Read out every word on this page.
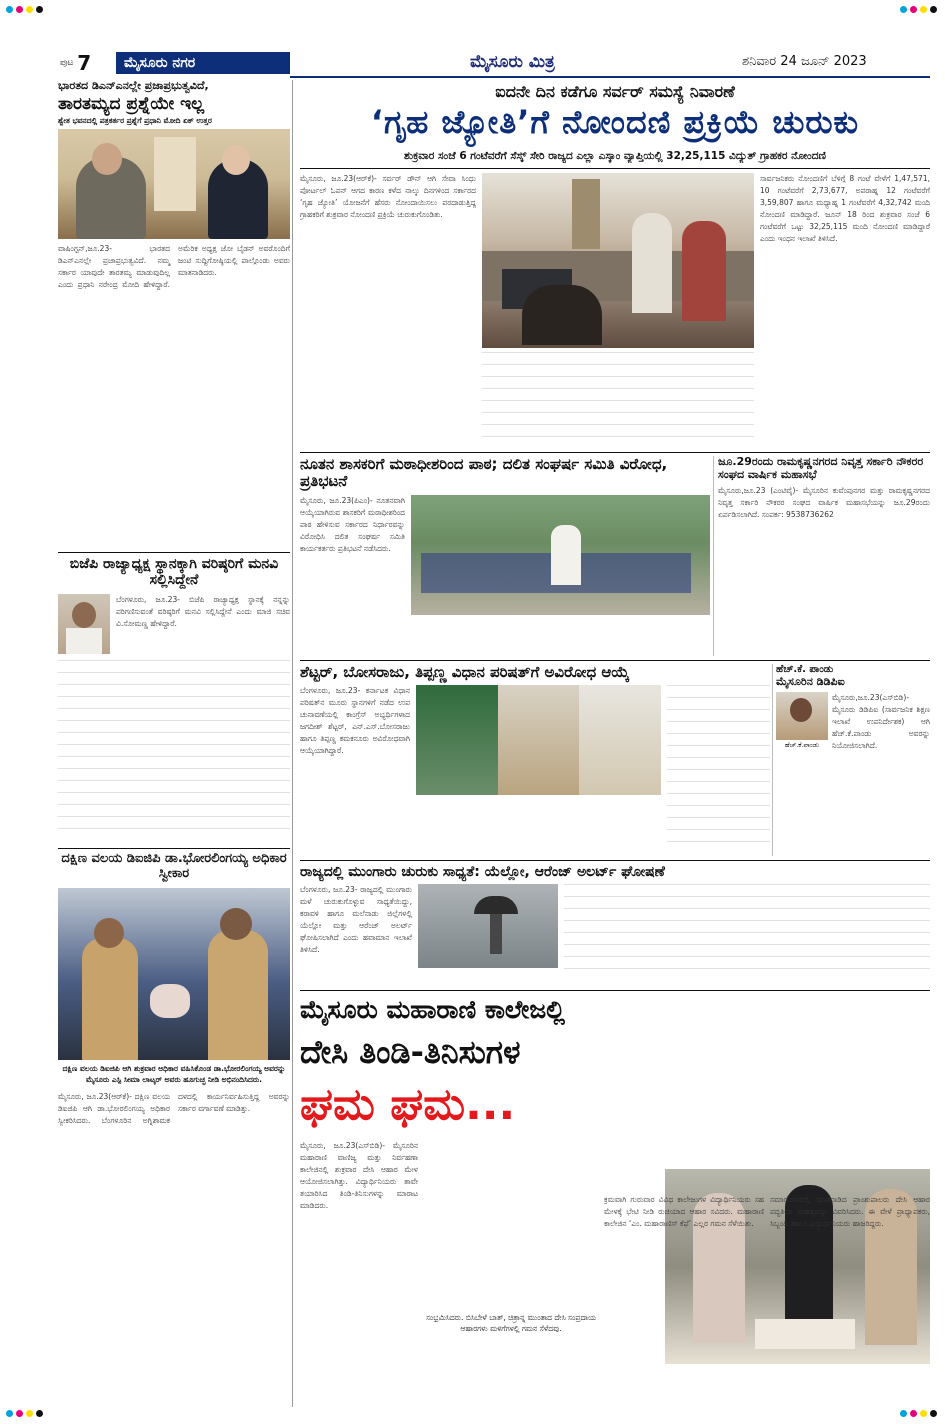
ಪುಟ 7	ಮೈಸೂರು ನಗರ	ಮೈಸೂರು ಮಿತ್ರ	ಶನಿವಾರ 24 ಜೂನ್ 2023
ಭಾರತದ ಡಿಎನ್‌ಎನಲ್ಲೇ ಪ್ರಜಾಪ್ರಭುತ್ವವಿದೆ,
ತಾರತಮ್ಯದ ಪ್ರಶ್ನೆಯೇ ಇಲ್ಲ
ಶ್ವೇತ ಭವನದಲ್ಲಿ ಪತ್ರಕರ್ತರ ಪ್ರಶ್ನೆಗೆ ಪ್ರಧಾನಿ ಮೋದಿ ಏಕ್ ಉತ್ತರ
ವಾಷಿಂಗ್ಟನ್,ಜೂ.23- ಭಾರತದ ಡಿಎನ್‌ಎನಲ್ಲೇ ಪ್ರಜಾಪ್ರಭುತ್ವವಿದೆ. ನಮ್ಮ ಸರ್ಕಾರ ಯಾವುದೇ ತಾರತಮ್ಯ ಮಾಡುವುದಿಲ್ಲ ಎಂದು ಪ್ರಧಾನಿ ನರೇಂದ್ರ ಮೋದಿ ಹೇಳಿದ್ದಾರೆ. ಅಮೆರಿಕ ಅಧ್ಯಕ್ಷ ಜೋ ಬೈಡನ್ ಅವರೊಂದಿಗೆ ಜಂಟಿ ಸುದ್ದಿಗೋಷ್ಠಿಯಲ್ಲಿ ಪಾಲ್ಗೊಂಡು ಅವರು ಮಾತನಾಡಿದರು.
ಬಿಜೆಪಿ ರಾಜ್ಯಾಧ್ಯಕ್ಷ ಸ್ಥಾನಕ್ಕಾಗಿ ವರಿಷ್ಠರಿಗೆ ಮನವಿ ಸಲ್ಲಿಸಿದ್ದೇನೆ
ಬೆಂಗಳೂರು, ಜೂ.23- ಬಿಜೆಪಿ ರಾಜ್ಯಾಧ್ಯಕ್ಷ ಸ್ಥಾನಕ್ಕೆ ನನ್ನನ್ನು ಪರಿಗಣಿಸುವಂತೆ ವರಿಷ್ಠರಿಗೆ ಮನವಿ ಸಲ್ಲಿಸಿದ್ದೇನೆ ಎಂದು ಮಾಜಿ ಸಚಿವ ವಿ.ಸೋಮಣ್ಣ ಹೇಳಿದ್ದಾರೆ.
ದಕ್ಷಿಣ ವಲಯ ಡಿಐಜಿಪಿ ಡಾ.ಭೋರಲಿಂಗಯ್ಯ ಅಧಿಕಾರ ಸ್ವೀಕಾರ
ದಕ್ಷಿಣ ವಲಯ ಡಿಐಜಿಪಿ ಆಗಿ ಶುಕ್ರವಾರ ಅಧಿಕಾರ ವಹಿಸಿಕೊಂಡ ಡಾ.ಭೋರಲಿಂಗಯ್ಯ ಅವರನ್ನು ಮೈಸೂರು ಎಸ್ಪಿ ಸೀಮಾ ಲಾಟ್ಕರ್ ಅವರು ಹೂಗುಚ್ಛ ನೀಡಿ ಅಭಿನಂದಿಸಿದರು.
ಮೈಸೂರು, ಜೂ.23(ಆರ್‌ಕೆ)- ದಕ್ಷಿಣ ವಲಯ ಡಿಐಜಿಪಿ ಆಗಿ ಡಾ.ಭೋರಲಿಂಗಯ್ಯ ಅಧಿಕಾರ ಸ್ವೀಕರಿಸಿದರು. ಬೆಂಗಳೂರಿನ ಅಗ್ನಿಶಾಮಕ ದಳದಲ್ಲಿ ಕಾರ್ಯನಿರ್ವಹಿಸುತ್ತಿದ್ದ ಅವರನ್ನು ಸರ್ಕಾರ ವರ್ಗಾವಣೆ ಮಾಡಿತ್ತು.
ಐದನೇ ದಿನ ಕಡೆಗೂ ಸರ್ವರ್ ಸಮಸ್ಯೆ ನಿವಾರಣೆ
‘ಗೃಹ ಜ್ಯೋತಿ’ಗೆ ನೋಂದಣಿ ಪ್ರಕ್ರಿಯೆ ಚುರುಕು
ಶುಕ್ರವಾರ ಸಂಜೆ 6 ಗಂಟೆವರೆಗೆ ಸೆಸ್ಕ್ ಸೇರಿ ರಾಜ್ಯದ ಎಲ್ಲಾ ಎಸ್ಕಾಂ ವ್ಯಾಪ್ತಿಯಲ್ಲಿ 32,25,115 ವಿದ್ಯುತ್ ಗ್ರಾಹಕರ ನೋಂದಣಿ
ಮೈಸೂರು, ಜೂ.23(ಆರ್‌ಕೆ)- ಸರ್ವರ್ ಡೌನ್ ಆಗಿ ಸೇವಾ ಸಿಂಧು ಪೋರ್ಟಲ್ ಓಪನ್ ಆಗದ ಕಾರಣ ಕಳೆದ ನಾಲ್ಕು ದಿನಗಳಿಂದ ಸರ್ಕಾರದ ‘ಗೃಹ ಜ್ಯೋತಿ’ ಯೋಜನೆಗೆ ಹೆಸರು ನೋಂದಾಯಿಸಲು ಪರದಾಡುತ್ತಿದ್ದ ಗ್ರಾಹಕರಿಗೆ ಶುಕ್ರವಾರ ನೋಂದಣಿ ಪ್ರಕ್ರಿಯೆ ಚುರುಕುಗೊಂಡಿತು.
ಸಾರ್ವಜನಿಕರು ನೋಂದಣಿಗೆ ಬೆಳಿಗ್ಗೆ 8 ಗಂಟೆ ವೇಳೆಗೆ 1,47,571, 10 ಗಂಟೆವರೆಗೆ 2,73,677, ಅಪರಾಹ್ನ 12 ಗಂಟೆವರೆಗೆ 3,59,807 ಹಾಗೂ ಮಧ್ಯಾಹ್ನ 1 ಗಂಟೆವರೆಗೆ 4,32,742 ಮಂದಿ ನೋಂದಣಿ ಮಾಡಿದ್ದಾರೆ. ಜೂನ್ 18 ರಿಂದ ಶುಕ್ರವಾರ ಸಂಜೆ 6 ಗಂಟೆವರೆಗೆ ಒಟ್ಟು 32,25,115 ಮಂದಿ ನೋಂದಣಿ ಮಾಡಿದ್ದಾರೆ ಎಂದು ಇಂಧನ ಇಲಾಖೆ ತಿಳಿಸಿದೆ.
ನೂತನ ಶಾಸಕರಿಗೆ ಮಠಾಧೀಶರಿಂದ ಪಾಠ; ದಲಿತ ಸಂಘರ್ಷ ಸಮಿತಿ ವಿರೋಧ, ಪ್ರತಿಭಟನೆ
ಮೈಸೂರು, ಜೂ.23(ಪಿಎಂ)- ನೂತನವಾಗಿ ಆಯ್ಕೆಯಾಗಿರುವ ಶಾಸಕರಿಗೆ ಮಠಾಧೀಶರಿಂದ ಪಾಠ ಹೇಳಿಸುವ ಸರ್ಕಾರದ ನಿರ್ಧಾರವನ್ನು ವಿರೋಧಿಸಿ ದಲಿತ ಸಂಘರ್ಷ ಸಮಿತಿ ಕಾರ್ಯಕರ್ತರು ಪ್ರತಿಭಟನೆ ನಡೆಸಿದರು.
ಜೂ.29ರಂದು ರಾಮಕೃಷ್ಣನಗರದ ನಿವೃತ್ತ ಸರ್ಕಾರಿ ನೌಕರರ ಸಂಘದ ವಾರ್ಷಿಕ ಮಹಾಸಭೆ
ಮೈಸೂರು,ಜೂ.23 (ಎಂಟಿವೈ)- ಮೈಸೂರಿನ ಕುವೆಂಪುನಗರ ಮತ್ತು ರಾಮಕೃಷ್ಣನಗರದ ನಿವೃತ್ತ ಸರ್ಕಾರಿ ನೌಕರರ ಸಂಘದ ವಾರ್ಷಿಕ ಮಹಾಸಭೆಯನ್ನು ಜೂ.29ರಂದು ಏರ್ಪಡಿಸಲಾಗಿದೆ. ಸಂಪರ್ಕ: 9538736262
ಶೆಟ್ಟರ್, ಬೋಸರಾಜು, ತಿಪ್ಪಣ್ಣ ವಿಧಾನ ಪರಿಷತ್‌ಗೆ ಅವಿರೋಧ ಆಯ್ಕೆ
ಬೆಂಗಳೂರು, ಜೂ.23- ಕರ್ನಾಟಕ ವಿಧಾನ ಪರಿಷತ್‌ನ ಮೂರು ಸ್ಥಾನಗಳಿಗೆ ನಡೆದ ಉಪ ಚುನಾವಣೆಯಲ್ಲಿ ಕಾಂಗ್ರೆಸ್ ಅಭ್ಯರ್ಥಿಗಳಾದ ಜಗದೀಶ್ ಶೆಟ್ಟರ್, ಎನ್.ಎಸ್.ಬೋಸರಾಜು ಹಾಗೂ ತಿಪ್ಪಣ್ಣ ಕಮಕನೂರು ಅವಿರೋಧವಾಗಿ ಆಯ್ಕೆಯಾಗಿದ್ದಾರೆ.
ಹೆಚ್.ಕೆ. ಪಾಂಡು
ಮೈಸೂರಿನ ಡಿಡಿಪಿಐ
ಹೆಚ್.ಕೆ.ಪಾಂಡು
ಮೈಸೂರು,ಜೂ.23(ಎಸ್‌ಬಿಡಿ)- ಮೈಸೂರು ಡಿಡಿಪಿಐ (ಸಾರ್ವಜನಿಕ ಶಿಕ್ಷಣ ಇಲಾಖೆ ಉಪನಿರ್ದೇಶಕ) ಆಗಿ ಹೆಚ್.ಕೆ.ಪಾಂಡು ಅವರನ್ನು ನಿಯೋಜಿಸಲಾಗಿದೆ.
ರಾಜ್ಯದಲ್ಲಿ ಮುಂಗಾರು ಚುರುಕು ಸಾಧ್ಯತೆ: ಯೆಲ್ಲೋ, ಆರೆಂಜ್ ಅಲರ್ಟ್ ಘೋಷಣೆ
ಬೆಂಗಳೂರು, ಜೂ.23- ರಾಜ್ಯದಲ್ಲಿ ಮುಂಗಾರು ಮಳೆ ಚುರುಕುಗೊಳ್ಳುವ ಸಾಧ್ಯತೆಯಿದ್ದು, ಕರಾವಳಿ ಹಾಗೂ ಮಲೆನಾಡು ಜಿಲ್ಲೆಗಳಲ್ಲಿ ಯೆಲ್ಲೋ ಮತ್ತು ಆರೆಂಜ್ ಅಲರ್ಟ್ ಘೋಷಿಸಲಾಗಿದೆ ಎಂದು ಹವಾಮಾನ ಇಲಾಖೆ ತಿಳಿಸಿದೆ.
ಮೈಸೂರು ಮಹಾರಾಣಿ ಕಾಲೇಜಲ್ಲಿ
ದೇಸಿ ತಿಂಡಿ-ತಿನಿಸುಗಳ
ಘಮ ಘಮ...
ಮೈಸೂರು, ಜೂ.23(ಎಸ್‌ಬಿಡಿ)- ಮೈಸೂರಿನ ಮಹಾರಾಣಿ ವಾಣಿಜ್ಯ ಮತ್ತು ನಿರ್ವಹಣಾ ಕಾಲೇಜಿನಲ್ಲಿ ಶುಕ್ರವಾರ ದೇಸಿ ಆಹಾರ ಮೇಳ ಆಯೋಜಿಸಲಾಗಿತ್ತು. ವಿದ್ಯಾರ್ಥಿನಿಯರು ತಾವೇ ತಯಾರಿಸಿದ ತಿಂಡಿ-ತಿನಿಸುಗಳನ್ನು ಮಾರಾಟ ಮಾಡಿದರು.
ಸಂಭ್ರಮಿಸಿದರು. ಬಿಸಿಬೇಳೆ ಬಾತ್, ಚಿತ್ರಾನ್ನ ಮುಂತಾದ ದೇಸಿ ಸಂಪ್ರದಾಯ ಆಹಾರಗಳು ಮಳಿಗೆಗಳಲ್ಲಿ ಗಮನ ಸೆಳೆದವು.
ಕ್ರಮವಾಗಿ ಗುರುವಾರ ವಿವಿಧ ಕಾಲೇಜುಗಳ ವಿದ್ಯಾರ್ಥಿನಿಯರು ಸಹ ಮೇಳಕ್ಕೆ ಭೇಟಿ ನೀಡಿ ರುಚಿಯಾದ ಆಹಾರ ಸವಿದರು. ಮಹಾರಾಣಿ ಕಾಲೇಜಿನ ‘ಎಂ. ಮಹಾರಾಣಿಸ್ ಕೆಫೆ’ ಎಲ್ಲರ ಗಮನ ಸೆಳೆಯಿತು.
ಸಮಾರೋಪದಲ್ಲಿ ಮಾತನಾಡಿದ ಪ್ರಾಂಶುಪಾಲರು ದೇಸಿ ಆಹಾರ ಪದ್ಧತಿಯ ಮಹತ್ವವನ್ನು ವಿವರಿಸಿದರು. ಈ ವೇಳೆ ಪ್ರಾಧ್ಯಾಪಕರು, ಸಿಬ್ಬಂದಿ ಹಾಗೂ ವಿದ್ಯಾರ್ಥಿನಿಯರು ಹಾಜರಿದ್ದರು.
